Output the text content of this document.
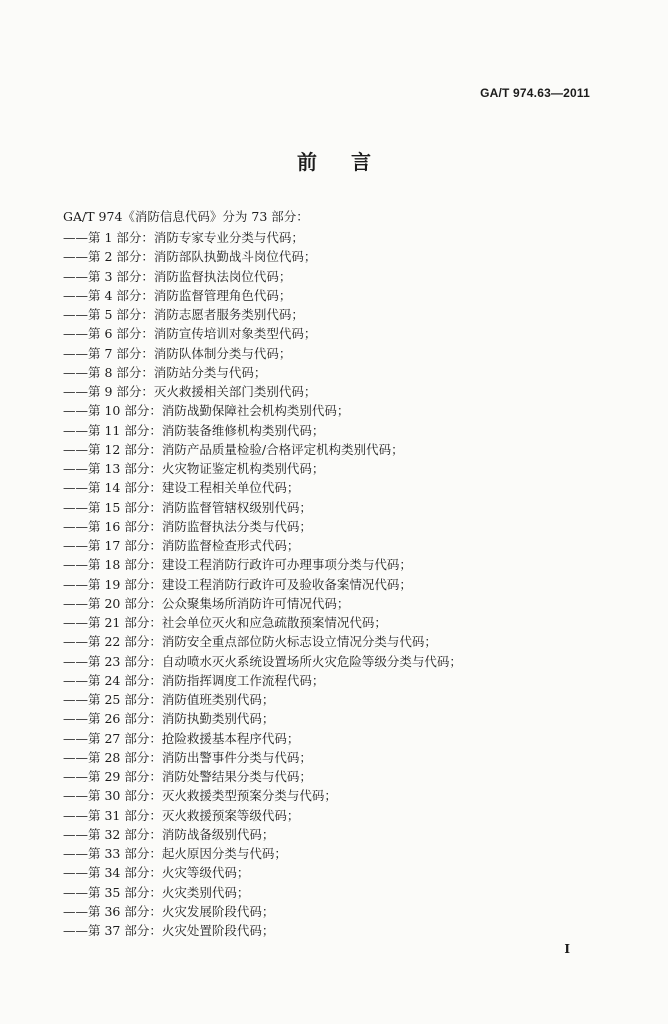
GA/T 974.63—2011
前言
GA/T 974《消防信息代码》分为 73 部分：
——第 1 部分：消防专家专业分类与代码；
——第 2 部分：消防部队执勤战斗岗位代码；
——第 3 部分：消防监督执法岗位代码；
——第 4 部分：消防监督管理角色代码；
——第 5 部分：消防志愿者服务类别代码；
——第 6 部分：消防宣传培训对象类型代码；
——第 7 部分：消防队体制分类与代码；
——第 8 部分：消防站分类与代码；
——第 9 部分：灭火救援相关部门类别代码；
——第 10 部分：消防战勤保障社会机构类别代码；
——第 11 部分：消防装备维修机构类别代码；
——第 12 部分：消防产品质量检验/合格评定机构类别代码；
——第 13 部分：火灾物证鉴定机构类别代码；
——第 14 部分：建设工程相关单位代码；
——第 15 部分：消防监督管辖权级别代码；
——第 16 部分：消防监督执法分类与代码；
——第 17 部分：消防监督检查形式代码；
——第 18 部分：建设工程消防行政许可办理事项分类与代码；
——第 19 部分：建设工程消防行政许可及验收备案情况代码；
——第 20 部分：公众聚集场所消防许可情况代码；
——第 21 部分：社会单位灭火和应急疏散预案情况代码；
——第 22 部分：消防安全重点部位防火标志设立情况分类与代码；
——第 23 部分：自动喷水灭火系统设置场所火灾危险等级分类与代码；
——第 24 部分：消防指挥调度工作流程代码；
——第 25 部分：消防值班类别代码；
——第 26 部分：消防执勤类别代码；
——第 27 部分：抢险救援基本程序代码；
——第 28 部分：消防出警事件分类与代码；
——第 29 部分：消防处警结果分类与代码；
——第 30 部分：灭火救援类型预案分类与代码；
——第 31 部分：灭火救援预案等级代码；
——第 32 部分：消防战备级别代码；
——第 33 部分：起火原因分类与代码；
——第 34 部分：火灾等级代码；
——第 35 部分：火灾类别代码；
——第 36 部分：火灾发展阶段代码；
——第 37 部分：火灾处置阶段代码；
I
